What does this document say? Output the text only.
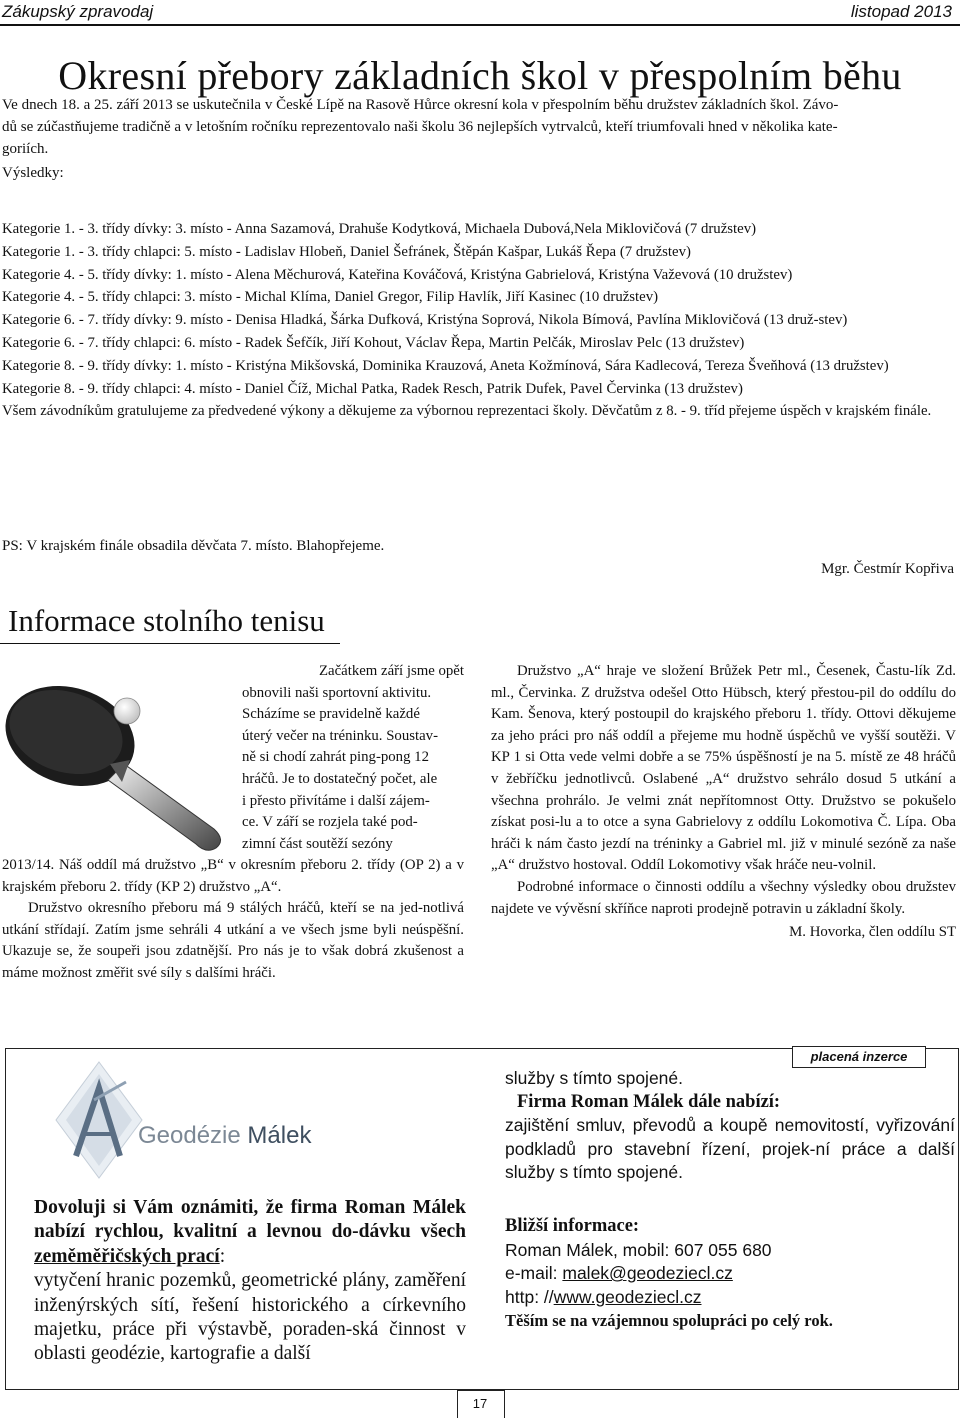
Zákupský zpravodaj	listopad 2013
Okresní přebory základních škol v přespolním běhu

Ve dnech 18. a 25. září 2013 se uskutečnila v České Lípě na Rasově Hůrce okresní kola v přespolním běhu družstev základních škol. Závo-

dů se zúčastňujeme tradičně a v letošním ročníku reprezentovalo naši školu 36 nejlepších vytrvalců, kteří triumfovali hned v několika kate-

goriích.

Výsledky:

Kategorie 1. - 3. třídy dívky: 3. místo - Anna Sazamová, Drahuše Kodytková, Michaela Dubová,Nela Miklovičová (7 družstev)

Kategorie 1. - 3. třídy chlapci: 5. místo - Ladislav Hlobeň, Daniel Šefránek, Štěpán Kašpar, Lukáš Řepa (7 družstev)

Kategorie 4. - 5. třídy dívky: 1. místo - Alena Měchurová, Kateřina Kováčová, Kristýna Gabrielová, Kristýna Važevová (10 družstev)

Kategorie 4. - 5. třídy chlapci: 3. místo - Michal Klíma, Daniel Gregor, Filip Havlík, Jiří Kasinec (10 družstev)

Kategorie 6. - 7. třídy dívky: 9. místo - Denisa Hladká, Šárka Dufková, Kristýna Soprová, Nikola Bímová, Pavlína Miklovičová (13 druž-stev)

Kategorie 6. - 7. třídy chlapci: 6. místo - Radek Šefčík, Jiří Kohout, Václav Řepa, Martin Pelčák, Miroslav Pelc (13 družstev)

Kategorie 8. - 9. třídy dívky: 1. místo - Kristýna Mikšovská, Dominika Krauzová, Aneta Kožmínová, Sára Kadlecová, Tereza Šveňhová (13 družstev)

Kategorie 8. - 9. třídy chlapci: 4. místo - Daniel Číž, Michal Patka, Radek Resch, Patrik Dufek, Pavel Červinka (13 družstev)

Všem závodníkům gratulujeme za předvedené výkony a děkujeme za výbornou reprezentaci školy. Děvčatům z 8. - 9. tříd přejeme úspěch v krajském finále.

PS: V krajském finále obsadila děvčata 7. místo. Blahopřejeme.

Mgr. Čestmír Kopřiva

Informace stolního tenisu

Začátkem září jsme opět

obnovili naši sportovní aktivitu.

Scházíme se pravidelně každé

úterý večer na tréninku. Soustav-

ně si chodí zahrát ping-pong 12

hráčů. Je to dostatečný počet, ale

i přesto přivítáme i další zájem-

ce. V září se rozjela také pod-

zimní část soutěží sezóny

2013/14. Náš oddíl má družstvo „B“ v okresním přeboru 2. třídy (OP 2) a v krajském přeboru 2. třídy (KP 2) družstvo „A“.

Družstvo okresního přeboru má 9 stálých hráčů, kteří se na jed-notlivá utkání střídají. Zatím jsme sehráli 4 utkání a ve všech jsme byli neúspěšní. Ukazuje se, že soupeři jsou zdatnější. Pro nás je to však dobrá zkušenost a máme možnost změřit své síly s dalšími hráči.

Družstvo „A“ hraje ve složení Brůžek Petr ml., Česenek, Častu-lík Zd. ml., Červinka. Z družstva odešel Otto Hübsch, který přestou-pil do oddílu do Kam. Šenova, který postoupil do krajského přeboru 1. třídy. Ottovi děkujeme za jeho práci pro náš oddíl a přejeme mu hodně úspěchů ve vyšší soutěži. V KP 1 si Otta vede velmi dobře a se 75% úspěšností je na 5. místě ze 48 hráčů v žebříčku jednotlivců. Oslabené „A“ družstvo sehrálo dosud 5 utkání a všechna prohrálo. Je velmi znát nepřítomnost Otty. Družstvo se pokušelo získat posi-lu a to otce a syna Gabrielovy z oddílu Lokomotiva Č. Lípa. Oba hráči k nám často jezdí na tréninky a Gabriel ml. již v minulé sezóně za naše „A“ družstvo hostoval. Oddíl Lokomotivy však hráče neu-volnil.

Podrobné informace o činnosti oddílu a všechny výsledky obou družstev najdete ve vývěsní skříňce naproti prodejně potravin u základní školy.

M. Hovorka, člen oddílu ST

placená inzerce
Geodézie Málek

Dovoluji si Vám oznámiti, že firma Roman Málek nabízí rychlou, kvalitní a levnou do-dávku všech zeměměřičských prací:

vytyčení hranic pozemků, geometrické plány, zaměření inženýrských sítí, řešení historického a církevního majetku, práce při výstavbě, poraden-ská činnost v oblasti geodézie, kartografie a další

služby s tímto spojené.

Firma Roman Málek dále nabízí:

zajištění smluv, převodů a koupě nemovitostí, vyřizování podkladů pro stavební řízení, projek-ní práce a další služby s tímto spojené.

Bližší informace:

Roman Málek, mobil: 607 055 680

e-mail: malek@geodeziecl.cz

http: //www.geodeziecl.cz

Těším se na vzájemnou spolupráci po celý rok.

17
